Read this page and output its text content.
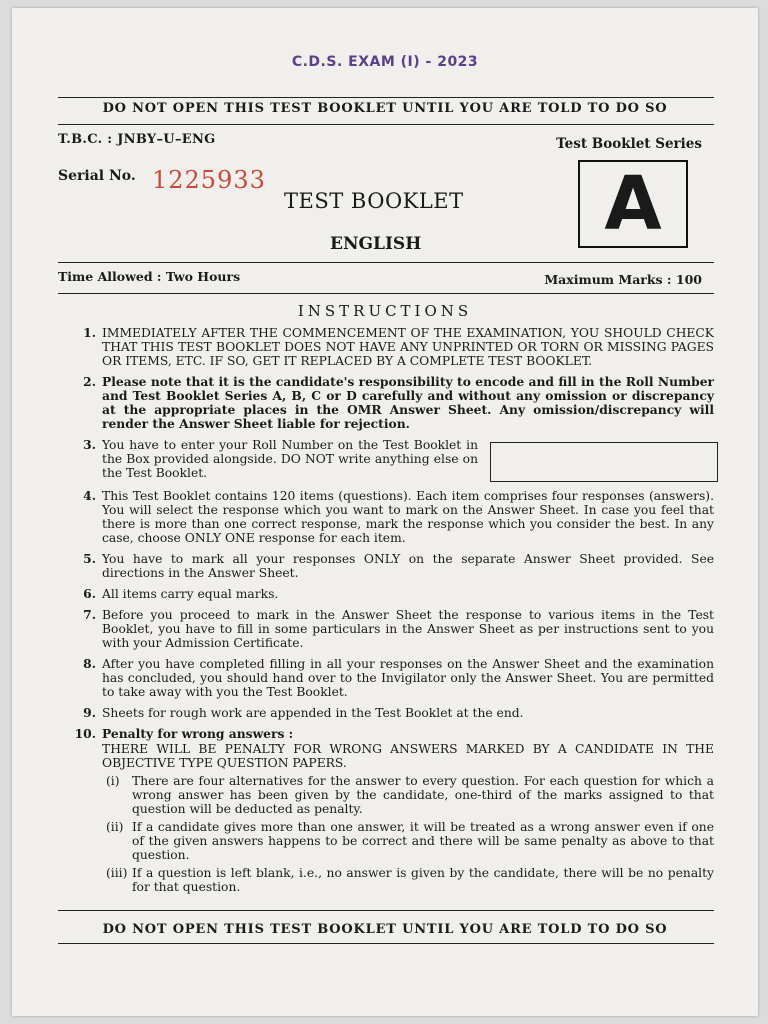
C.D.S. EXAM (I) - 2023
DO NOT OPEN THIS TEST BOOKLET UNTIL YOU ARE TOLD TO DO SO
T.B.C. : JNBY–U–ENG	Test Booklet Series
Serial No. 1225933
TEST BOOKLET
ENGLISH A
Time Allowed : Two Hours	Maximum Marks : 100
INSTRUCTIONS
1. IMMEDIATELY AFTER THE COMMENCEMENT OF THE EXAMINATION, YOU SHOULD CHECK THAT THIS TEST BOOKLET DOES NOT HAVE ANY UNPRINTED OR TORN OR MISSING PAGES OR ITEMS, ETC. IF SO, GET IT REPLACED BY A COMPLETE TEST BOOKLET.
2. Please note that it is the candidate's responsibility to encode and fill in the Roll Number and Test Booklet Series A, B, C or D carefully and without any omission or discrepancy at the appropriate places in the OMR Answer Sheet. Any omission/discrepancy will render the Answer Sheet liable for rejection.
3. You have to enter your Roll Number on the Test Booklet in the Box provided alongside. DO NOT write anything else on the Test Booklet.
4. This Test Booklet contains 120 items (questions). Each item comprises four responses (answers). You will select the response which you want to mark on the Answer Sheet. In case you feel that there is more than one correct response, mark the response which you consider the best. In any case, choose ONLY ONE response for each item.
5. You have to mark all your responses ONLY on the separate Answer Sheet provided. See directions in the Answer Sheet.
6. All items carry equal marks.
7. Before you proceed to mark in the Answer Sheet the response to various items in the Test Booklet, you have to fill in some particulars in the Answer Sheet as per instructions sent to you with your Admission Certificate.
8. After you have completed filling in all your responses on the Answer Sheet and the examination has concluded, you should hand over to the Invigilator only the Answer Sheet. You are permitted to take away with you the Test Booklet.
9. Sheets for rough work are appended in the Test Booklet at the end.
10. Penalty for wrong answers :
THERE WILL BE PENALTY FOR WRONG ANSWERS MARKED BY A CANDIDATE IN THE OBJECTIVE TYPE QUESTION PAPERS.
(i)	There are four alternatives for the answer to every question. For each question for which a wrong answer has been given by the candidate, one-third of the marks assigned to that question will be deducted as penalty.
(ii) If a candidate gives more than one answer, it will be treated as a wrong answer even if one of the given answers happens to be correct and there will be same penalty as above to that question.
(iii) If a question is left blank, i.e., no answer is given by the candidate, there will be no penalty for that question.
DO NOT OPEN THIS TEST BOOKLET UNTIL YOU ARE TOLD TO DO SO
